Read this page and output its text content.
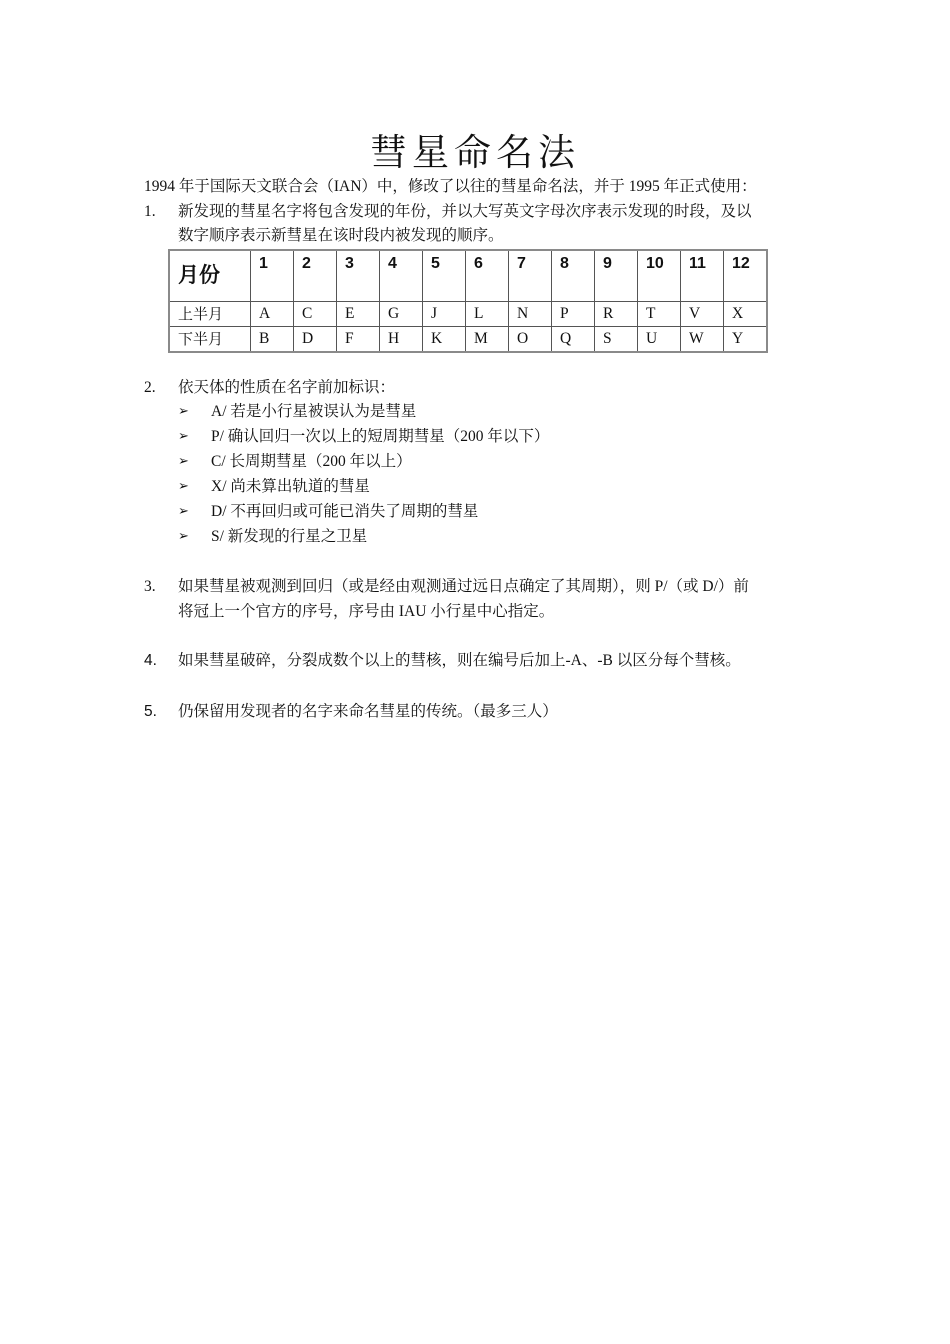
彗星命名法
1994 年于国际天文联合会（IAN）中，修改了以往的彗星命名法，并于 1995 年正式使用：
1. 新发现的彗星名字将包含发现的年份，并以大写英文字母次序表示发现的时段，及以
数字顺序表示新彗星在该时段内被发现的顺序。
月份	1	2	3	4	5	6	7	8	9	10	11	12
上半月	A	C	E	G	J	L	N	P	R	T	V	X
下半月	B	D	F	H	K	M	O	Q	S	U	W	Y
2. 依天体的性质在名字前加标识：
➢ A/ 若是小行星被误认为是彗星
➢ P/ 确认回归一次以上的短周期彗星（200 年以下）
➢ C/ 长周期彗星（200 年以上）
➢ X/ 尚未算出轨道的彗星
➢ D/ 不再回归或可能已消失了周期的彗星
➢ S/ 新发现的行星之卫星
3. 如果彗星被观测到回归（或是经由观测通过远日点确定了其周期），则 P/（或 D/）前
将冠上一个官方的序号，序号由 IAU 小行星中心指定。
4. 如果彗星破碎，分裂成数个以上的彗核，则在编号后加上-A、-B 以区分每个彗核。
5. 仍保留用发现者的名字来命名彗星的传统。（最多三人）
